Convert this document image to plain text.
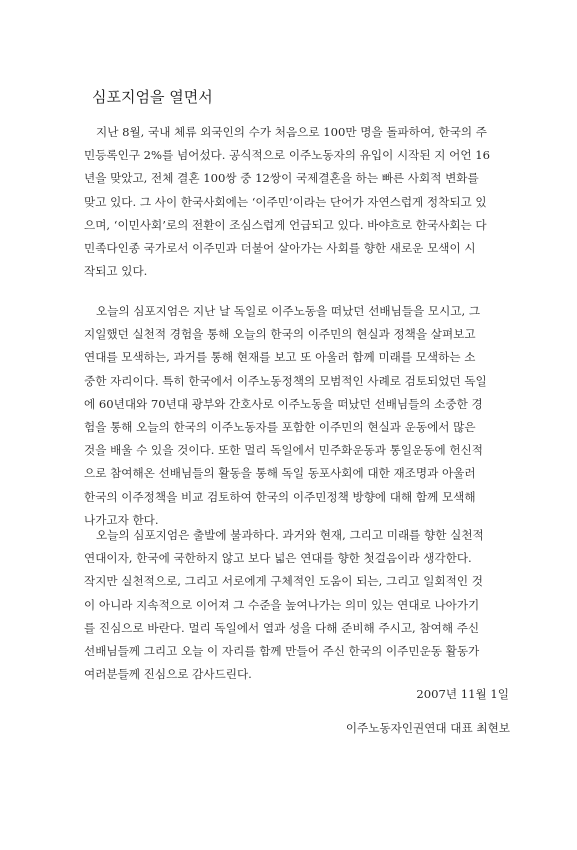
심포지엄을 열면서
지난 8월, 국내 체류 외국인의 수가 처음으로 100만 명을 돌파하여, 한국의 주
민등록인구 2%를 넘어섰다. 공식적으로 이주노동자의 유입이 시작된 지 어언 16
년을 맞았고, 전체 결혼 100쌍 중 12쌍이 국제결혼을 하는 빠른 사회적 변화를
맞고 있다. 그 사이 한국사회에는 ‘이주민’이라는 단어가 자연스럽게 정착되고 있
으며, ‘이민사회’로의 전환이 조심스럽게 언급되고 있다. 바야흐로 한국사회는 다
민족다인종 국가로서 이주민과 더불어 살아가는 사회를 향한 새로운 모색이 시
작되고 있다.
오늘의 심포지엄은 지난 날 독일로 이주노동을 떠났던 선배님들을 모시고, 그
지일했던 실천적 경험을 통해 오늘의 한국의 이주민의 현실과 정책을 살펴보고
연대를 모색하는, 과거를 통해 현재를 보고 또 아울러 함께 미래를 모색하는 소
중한 자리이다. 특히 한국에서 이주노동정책의 모범적인 사례로 검토되었던 독일
에 60년대와 70년대 광부와 간호사로 이주노동을 떠났던 선배님들의 소중한 경
험을 통해 오늘의 한국의 이주노동자를 포함한 이주민의 현실과 운동에서 많은
것을 배울 수 있을 것이다. 또한 멀리 독일에서 민주화운동과 통일운동에 헌신적
으로 참여해온 선배님들의 활동을 통해 독일 동포사회에 대한 재조명과 아울러
한국의 이주정책을 비교 검토하여 한국의 이주민정책 방향에 대해 함께 모색해
나가고자 한다.
오늘의 심포지엄은 출발에 불과하다. 과거와 현재, 그리고 미래를 향한 실천적
연대이자, 한국에 국한하지 않고 보다 넓은 연대를 향한 첫걸음이라 생각한다.
작지만 실천적으로, 그리고 서로에게 구체적인 도움이 되는, 그리고 일회적인 것
이 아니라 지속적으로 이어져 그 수준을 높여나가는 의미 있는 연대로 나아가기
를 진심으로 바란다. 멀리 독일에서 열과 성을 다해 준비해 주시고, 참여해 주신
선배님들께 그리고 오늘 이 자리를 함께 만들어 주신 한국의 이주민운동 활동가
여러분들께 진심으로 감사드린다.
2007년 11월 1일
이주노동자인권연대 대표 최현보
